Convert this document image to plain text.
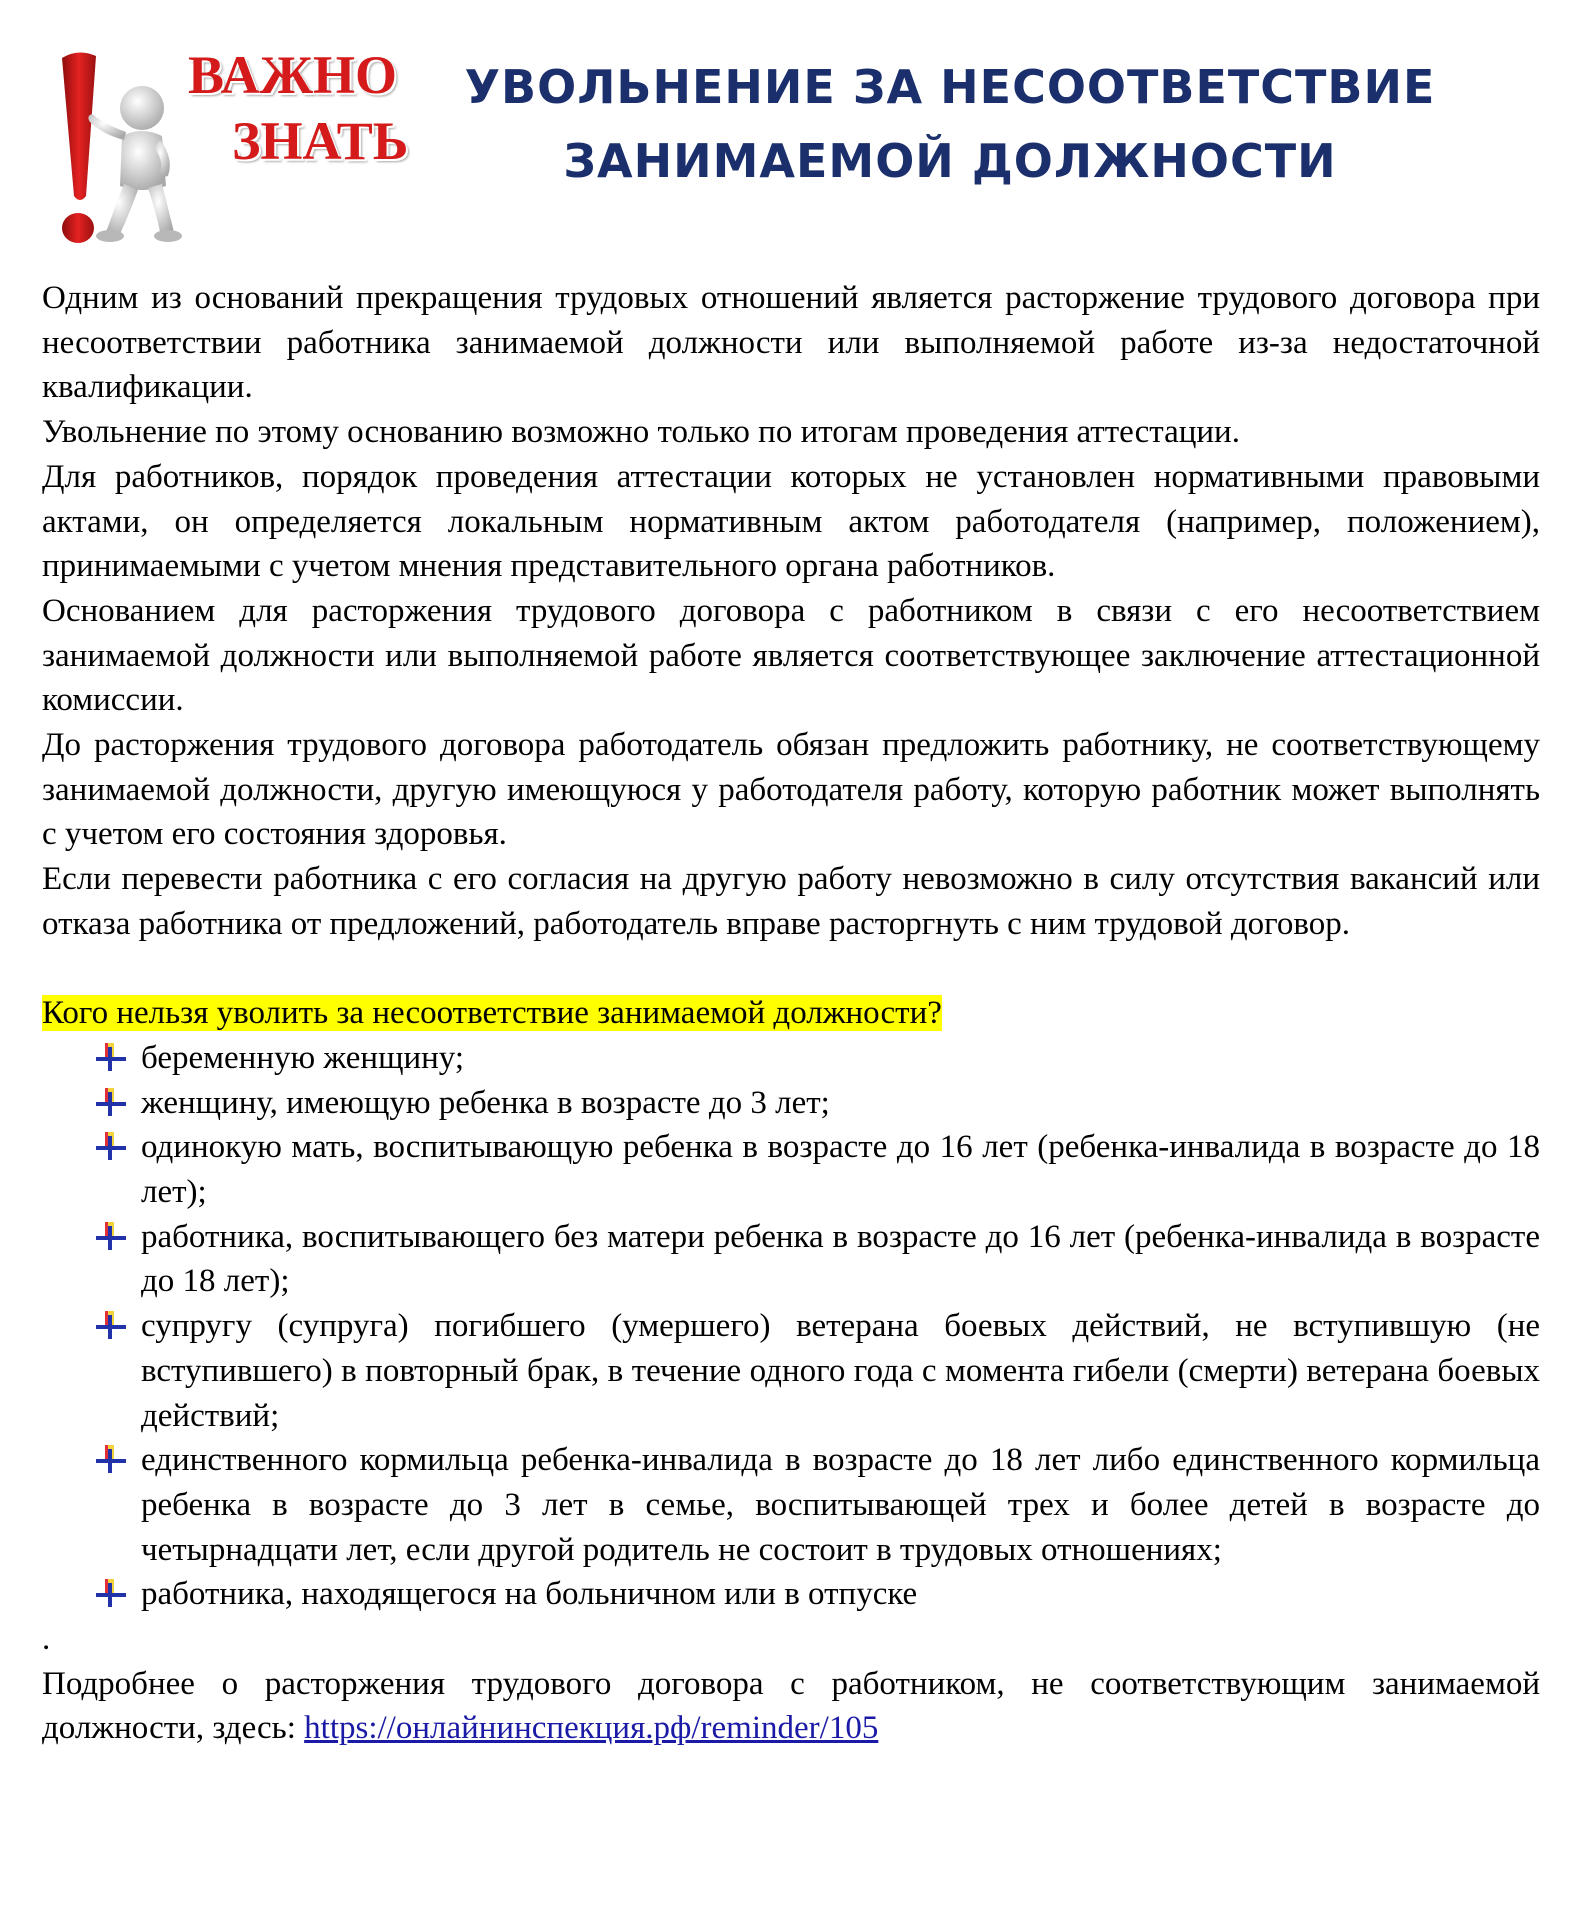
ВАЖНО
ЗНАТЬ
УВОЛЬНЕНИЕ ЗА НЕСООТВЕТСТВИЕ
ЗАНИМАЕМОЙ ДОЛЖНОСТИ

Одним из оснований прекращения трудовых отношений является расторжение трудового договора при несоответствии работника занимаемой должности или выполняемой работе из-за недостаточной квалификации.

Увольнение по этому основанию возможно только по итогам проведения аттестации.

Для работников, порядок проведения аттестации которых не установлен нормативными правовыми актами, он определяется локальным нормативным актом работодателя (например, положением), принимаемыми с учетом мнения представительного органа работников.

Основанием для расторжения трудового договора с работником в связи с его несоответствием занимаемой должности или выполняемой работе является соответствующее заключение аттестационной комиссии.

До расторжения трудового договора работодатель обязан предложить работнику, не соответствующему занимаемой должности, другую имеющуюся у работодателя работу, которую работник может выполнять с учетом его состояния здоровья.

Если перевести работника с его согласия на другую работу невозможно в силу отсутствия вакансий или отказа работника от предложений, работодатель вправе расторгнуть с ним трудовой договор.

Кого нельзя уволить за несоответствие занимаемой должности?

беременную женщину;
женщину, имеющую ребенка в возрасте до 3 лет;
одинокую мать, воспитывающую ребенка в возрасте до 16 лет (ребенка-инвалида в возрасте до 18 лет);
работника, воспитывающего без матери ребенка в возрасте до 16 лет (ребенка-инвалида в возрасте до 18 лет);
супругу (супруга) погибшего (умершего) ветерана боевых действий, не вступившую (не вступившего) в повторный брак, в течение одного года с момента гибели (смерти) ветерана боевых действий;
единственного кормильца ребенка-инвалида в возрасте до 18 лет либо единственного кормильца ребенка в возрасте до 3 лет в семье, воспитывающей трех и более детей в возрасте до четырнадцати лет, если другой родитель не состоит в трудовых отношениях;
работника, находящегося на больничном или в отпуске

.

Подробнее о расторжения трудового договора с работником, не соответствующим занимаемой должности, здесь: https://онлайнинспекция.рф/reminder/105
